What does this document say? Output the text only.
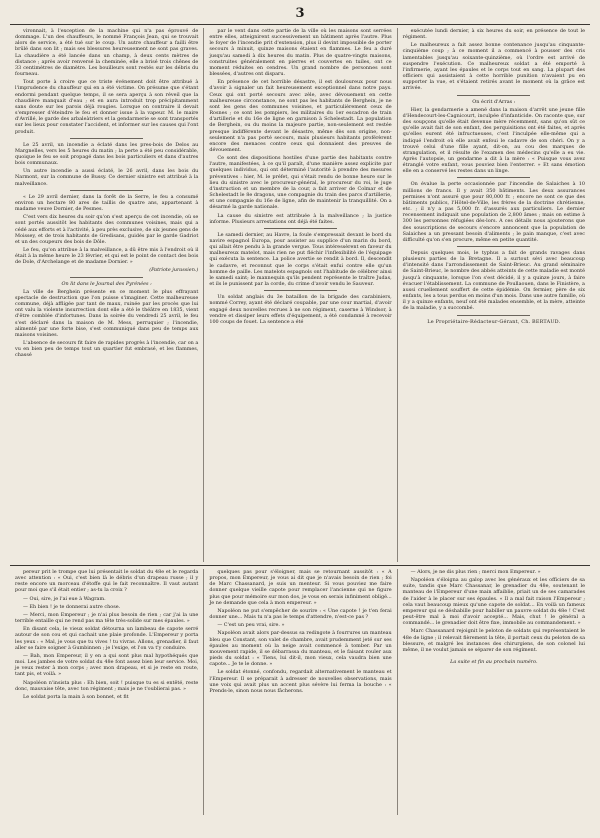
3

vironnait, à l'exception de la machine qui n'a pas éprouvé de dommage. L'un des chauffeurs, le nommé François Jean, qui se trouvait alors de service, a été tué sur le coup. Un autre chauffeur a failli être brûlé dans son lit ; mais ses blessures heureusement ne sont pas graves. La chaudière a été lancée dans un champ, à deux cents mètres de distance ; après avoir renversé la cheminée, elle a brisé trois chênes de 33 centimètres de diamètre. Les bouilleurs sont restés sur les débris du fourneau.

Tout porte à croire que ce triste événement doit être attribué à l'imprudence du chauffeur qui en a été victime. On présume que s'étant endormi pendant quelque temps, il se sera aperçu à son réveil que la chaudière manquait d'eau ; et en aura introduit trop précipitamment sans doute sur les parois déjà rougies. Lorsque on contraire il devait s'empresser d'éteindre le feu et donner issue à la vapeur. M. le maire d'Avrillé, le garde des arbaleàtriers et la gendarmerie se sont transportés sur les lieux pour constater l'accident, et informer sur les causes qui l'ont produit.

Le 25 avril, un incendie a éclaté dans les pres-bois de Delos au Margnelles, vers les 5 heures du matin ; la perte a été peu considérable, quoique le feu se soit propagé dans les bois particuliers et dans d'autres bois communaux.

Un autre incendie a aussi éclaté, le 26 avril, dans les bois du Narmont, sur la commune de Bussy. Ce dernier sinistre est attribué à la malveillance.

« Le 29 avril dernier, dans la forêt de la Serre, le feu a consumé environ un hectare 80 ares de taillis de quatre ans, appartenant à madame veuve Dornier, de Pesmes.

C'est vers dix heures du soir qu'on s'est aperçu de cet incendie, où se sont portés aussitôt les habitants des communes voisines, mais qui a cédé aux efforts et à l'activité, à peu près exclusive, de six jeunes gens de Moissey, et de trois habitants de Gredisans, guidés par le garde Gadriot et un des coupeurs des bois de Dôle.

Le feu, qu'on attribue à la malveillance, a dû être mis à l'endroit où il était à la même heure le 23 février, et qui est le point de contact des bois de Dole, d'Archelange et de madame Dornier. »

(Patriote jurassien.)

On lit dans le Journal des Pyrénées :

La ville de Berghein présente en ce moment le plus effrayant spectacle de destruction que l'on puisse s'imaginer. Cette malheureuse commune, déjà affligée par tant de maux, ruinée par les procès que lui ont valu la violente insurrection dont elle a été le théâtre en 1835, vient d'être comblée d'infortunes. Dans la soirée du vendredi 25 avril, le feu s'est déclaré dans la maison de M. Mess, perruquier ; l'incendie, alimenté par une forte bise, s'est communiqué dans peu de temps aux maisons voisines.

L'absence de secours fit faire de rapides progrès à l'incendie, car on a vu en bien peu de temps tout un quartier fut embrasé, et les flammes, chassé

par le vent dans cette partie de la ville où les maisons sont serrées entre elles, atteignirent successivement un bâtiment après l'autre. Plus le foyer de l'incendie prit d'extension, plus il devint impossible de porter secours à minuit, quinze maisons étaient en flammes. Le feu a duré jusqu'au samedi à dix heures du matin. Plus de quatre-vingts maisons, construites généralement en pierres et couvertes en tuiles, ont ce moment réduites en cendres. Un grand nombre de personnes sont blessées, d'autres ont disparu.

En présence de cet horrible désastre, il est douloureux pour nous d'avoir à signaler un fait heureusement exceptionnel dans notre pays. Ceux qui ont porté secours avec zèle, avec dévouement en cette malheureuse circonstance, ne sont pas les habitants de Berghein, je ne sont les gens des communes voisines, et particulièrement ceux de Rosnes ; ce sont les pompiers, les militaires du 1er escadron de train d'artillerie et du 16e de ligne en garnison à Schelestadt. La population de Berghein, ou du moins la majeure partie, non-seulement est restée presque indifférente devant le désastre, même dès son origine, non-seulement n'a pas porté secours, mais plusieurs habitants proférèrent encore des menaces contre ceux qui donnaient des preuves de dévouement.

Ce sont des dispositions hostiles d'une partie des habitants contre l'autre, manifestées, à ce qu'il paraît, d'une manière assez explicite par quelques individus, qui ont déterminé l'autorité à prendre des mesures préventives : hier, M. le préfet, qui s'était rendu de bonne heure sur le lieu du sinistre avec le procureur-général, le procureur du roi, le juge d'instruction et un membre de la cour, a fait arriver de Colmar et de Schelestadt le 8e dragons, une compagnie du train des parcs d'artillerie, et une compagnie du 16e de ligne, afin de maintenir la tranquillité. On a désarmé la garde nationale.

La cause du sinistre est attribuée à la malveillance ; la justice informe. Plusieurs arrestations ont déjà été faites.

Le samedi dernier, au Havre, la foule s'empressait devant le bord du navire espagnol Europa, pour assister au supplice d'un marin du bord, qui allait être pendu à la grande vergue. Tous intéressèrent en faveur du malheureux matelot, mais rien ne put fléchir l'inflexibilité de l'équipage qui exécuta la sentence. La police avertie se rendit à bord. Il, descendit le cadavre, et reconnut que le corps s'était enfui contre elle qu'un homme de paille. Les matelots espagnols ont l'habitude de célébrer ainsi le samedi saint; le mannequin qu'ils pendent représente le traître Judas, et ils le punissent par la corde, du crime d'avoir vendu le Sauveur.

Un soldat anglais du 3e bataillon de la brigade des carabiniers, nommé Correy, ayant été déclaré coupable, par une cour martial, d'avoir engagé deux nouvelles recrues à ne son régiment, caserne à Windsor, à vendre et dissiper leurs effets d'équipement, a été condamné à recevoir 100 coups de fouet. La sentence a été

exécutée lundi dernier, à six heures du soir, en présence de tout le régiment.

Le malheureux a fait assez bonne contenance jusqu'au cinquante-cinquième coup ; à ce moment il a commencé à pousser des cris lamentables jusqu'au soixante-quinzième, où l'ordre est arrivé de suspendre l'exécution. Ce malheureux soldat a été emporté à l'infirmerie, ayant les épaules et le corps tout en sang. La plupart des officiers qui assistaient à cette horrible punition n'avaient pu en supporter la vue, et s'étaient retirés avant le moment où la grâce est arrivée.

On écrit d'Arras :

Hier, la gendarmerie a amené dans la maison d'arrêt une jeune fille d'Hendecourt-les-Cagnicourt, inculpée d'infanticide. On raconte que, sur des soupçons qu'elle était devenue mère récemment, sans qu'on sût ce qu'elle avait fait de son enfant, des perquisitions ont été faites, et après qu'elles eurent été infructueuses, c'est l'inculpée elle-même qui a indiqué l'endroit où elle avait enfoui le cadavre de son chéri. On y a trouvé celui d'une fille ayant, dit-on, au cou des marques de strangulation, et il résulte de l'examen des médecins qu'elle a eu vie. Après l'autopsie, un gendarme a dit à la mère : « Puisque vous avez étranglé votre enfant, vous pouviez bien l'enterrer. » Et sans émotion elle en a conservé les restes dans un linge.

On évalue la perte occasionnée par l'incendie de Salaiches à 10 millions de francs. Il y avait 350 bâtiments. Les deux assurances permises n'ont assuré que pour 80,000 fr. ; encore ne sont ce que des bâtiments publics, l'Hôtel-de-Ville, les frères de la doctrine chrétienne, etc. ; il n'y a pas 5,000 fr. d'assurés aux particuliers. Le dernier recensement indiquait une population de 2,800 âmes ; mais on estime à 300 les personnes réfugiées dès-lors. A ces détails nous ajouterons que des souscriptions de secours s'encore annoncent que la population de Salaiches a un pressant besoin d'aliments ; le pain manque, c'est avec difficulté qu'on s'en procure, même en petite quantité.

Depuis quelques mois, le typhus a fait de grands ravages dans plusieurs parties de la Bretagne. Il a surtout sévi avec beaucoup d'intensité dans l'arrondissement de Saint-Brieuc. Au grand séminaire de Saint-Brieuc, le nombre des abbés atteints de cette maladie est monté jusqu'à cinquante, lorsque l'on s'est décidé, il y a quinze jours, à faire évacuer l'établissement. La commune de Poullaouen, dans le Finistère, a aussi cruellement souffert de cette épidémie. On fermier, père de six enfants, les a tous perdus en moins d'un mois. Dans une autre famille, où il y a quinze enfants, neuf ont été malades ensemble, et la mère, atteinte de la maladie, y a succombé.

Le Propriétaire-Rédacteur-Gérant, Ch. BERTAUD.

pereur prit le trompe que lui présentait le soldat du 48e et le regarda avec attention : « Oui, c'est bien là le débris d'un drapeau russe ; il y reste encore un morceau d'étoffe qui le fait reconnaître. Il vaut autant pour moi que s'il était entier ; as-tu la croix ?

— Oui, sire, je l'ai eue à Wagram.

— Eh bien ! je te donnerai autre chose.

— Merci, mon Empereur ; je n'ai plus besoin de rien ; car j'ai la une terrible entaille qui ne rend pas ma tête très-solide sur mes épaules. »

En disant cela, le vieux soldat détourna un lambeau de capote serré autour de son cou et qui cachait une plaie profonde. L'Empereur y porta les yeux : « Mal, je vous que tu vives ! tu vivras. Allons, grenadier, il faut aller se faire soigner à Gumbinnen ; je l'exige, et l'on va t'y conduire.

— Bah, mon Empereur, il y en a qui sont plus mal hypothéqués que moi. Les jambes de votre soldat du 48e font assez bien leur service. Moi, je veux rester à mon corps ; avec mon drapeau, et si je reste en route, tant pis, et voilà. »

Napoléon n'insista plus : Eh bien, soit ! puisque tu es si entêté, reste donc, mauvaise tête, avec ton régiment ; mais je ne t'oublierai pas. »

Le soldat porta la main à son bonnet, et fit

quelques pas pour s'éloigner, mais se retournant aussitôt : « A propos, mon Empereur, je vous ai dit que je n'avais besoin de rien ; foi de Marc Chassanard, je suis un menteur. Si vous pouviez me faire donner quelque vieille capote pour remplacer l'ancienne qui ne figure plus que pour mémoire sur mon dos, je vous en serais infiniment obligé... Je ne demande que cela à mon empereur. »

Napoléon ne put s'empêcher de sourire : « Une capote ! je t'en ferai donner une... Mais tu n'a pas le temps d'attendre, n'est-ce pas ?

— C'est un peu vrai, sire. »

Napoléon avait alors par-dessus sa redingote à fourrures un manteau bleu que Constant, son valet de chambre, avait prudemment jeté sur ses épaules au moment où la neige avait commencé à tomber. Par un mouvement rapide, il se débarrassa du manteau, et le faisant rouler aux pieds du soldat : « Tiens, lui dit-il, mon vieux, cela vaudra bien une capote... Je te le donne. »

Le soldat étonné, confondu, regardait alternativement le manteau et l'Empereur. Il se préparait à adresser de nouvelles observations, mais une voix qui avait plus un accent plus sévère lui ferma la bouche : « Prends-le, sinon nous nous fâcherons.

— Alors, je ne dis plus rien ; merci mon Empereur. »

Napoléon s'éloigna au galop avec les généraux et les officiers de sa suite, tandis que Marc Chassanar, le grenadier du 48e, soutenant le manteau de l'Empereur d'une main affaiblie, priait un de ses camarades de l'aider à le placer sur ses épaules. « Il a mal fait raison l'Empereur ; cela vaut beaucoup mieux qu'une capote de soldat... En voilà un fameux empereur qui se déshabille pour habiller un pauvre soldat du 48e ! C'est peut-être mal à moi d'avoir accepté... Mais, chut ! le général a commandé... le grenadier doit être fixe, immobile au commandement. »

Marc Chassanard rejoignit le peloton de soldats qui représentaient le 48e de ligne ; il relevait fièrement la tête, il portait ceux du peloton de sa blessure, et malgré les instances des chirurgiens, de son colonel lui même, il ne voulut jamais se séparer de son régiment.

La suite et fin au prochain numéro.
